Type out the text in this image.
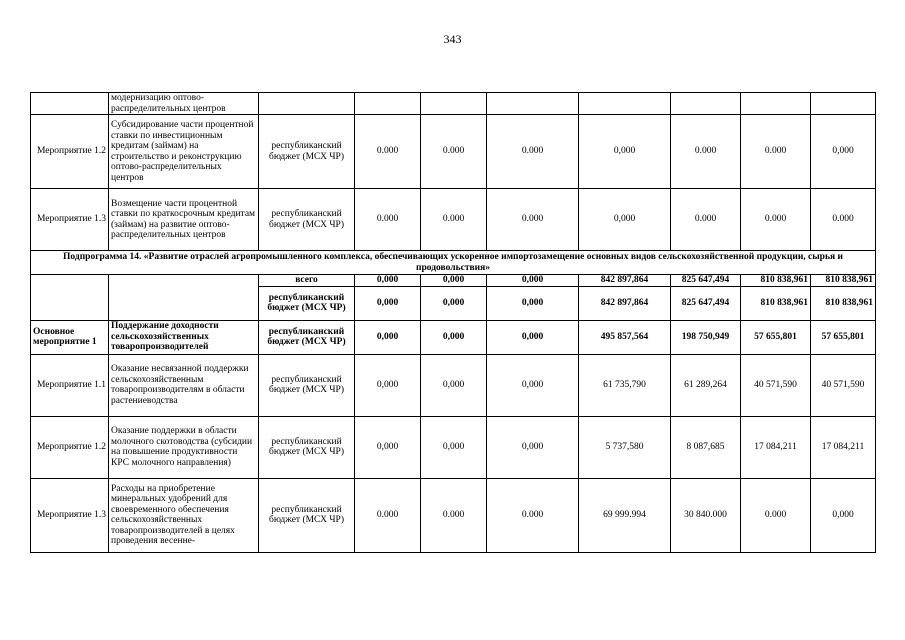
343
	модернизацию оптово-распределительных центров								
Мероприятие 1.2	Субсидирование части процентной ставки по инвестиционным кредитам (займам) на строительство и реконструкцию оптово-распределительных центров	республиканский бюджет (МСХ ЧР)	0.000	0.000	0.000	0,000	0.000	0.000	0,000
Мероприятие 1.3	Возмещение части процентной ставки по краткосрочным кредитам (займам) на развитие оптово-распределительных центров	республиканский бюджет (МСХ ЧР)	0.000	0.000	0.000	0,000	0.000	0.000	0.000
Подпрограмма 14. «Развитие отраслей агропромышленного комплекса, обеспечивающих ускоренное импортозамещение основных видов сельскохозяйственной продукции, сырья и продовольствия»									
		всего	0,000	0,000	0,000	842 897,864	825 647,494	810 838,961	810 838,961
		республиканский бюджет (МСХ ЧР)	0,000	0,000	0,000	842 897,864	825 647,494	810 838,961	810 838,961
Основное мероприятие 1	Поддержание доходности сельскохозяйственных товаропроизводителей	республиканский бюджет (МСХ ЧР)	0,000	0,000	0,000	495 857,564	198 750,949	57 655,801	57 655,801
Мероприятие 1.1	Оказание несвязанной поддержки сельскохозяйственным товаропроизводителям в области растениеводства	республиканский бюджет (МСХ ЧР)	0,000	0,000	0,000	61 735,790	61 289,264	40 571,590	40 571,590
Мероприятие 1.2	Оказание поддержки в области молочного скотоводства (субсидии на повышение продуктивности КРС молочного направления)	республиканский бюджет (МСХ ЧР)	0,000	0,000	0,000	5 737,580	8 087,685	17 084,211	17 084,211
Мероприятие 1.3	Расходы на приобретение минеральных удобрений для своевременного обеспечения сельскохозяйственных товаропроизводителей в целях проведения весенне-	республиканский бюджет (МСХ ЧР)	0.000	0.000	0.000	69 999.994	30 840.000	0.000	0,000
